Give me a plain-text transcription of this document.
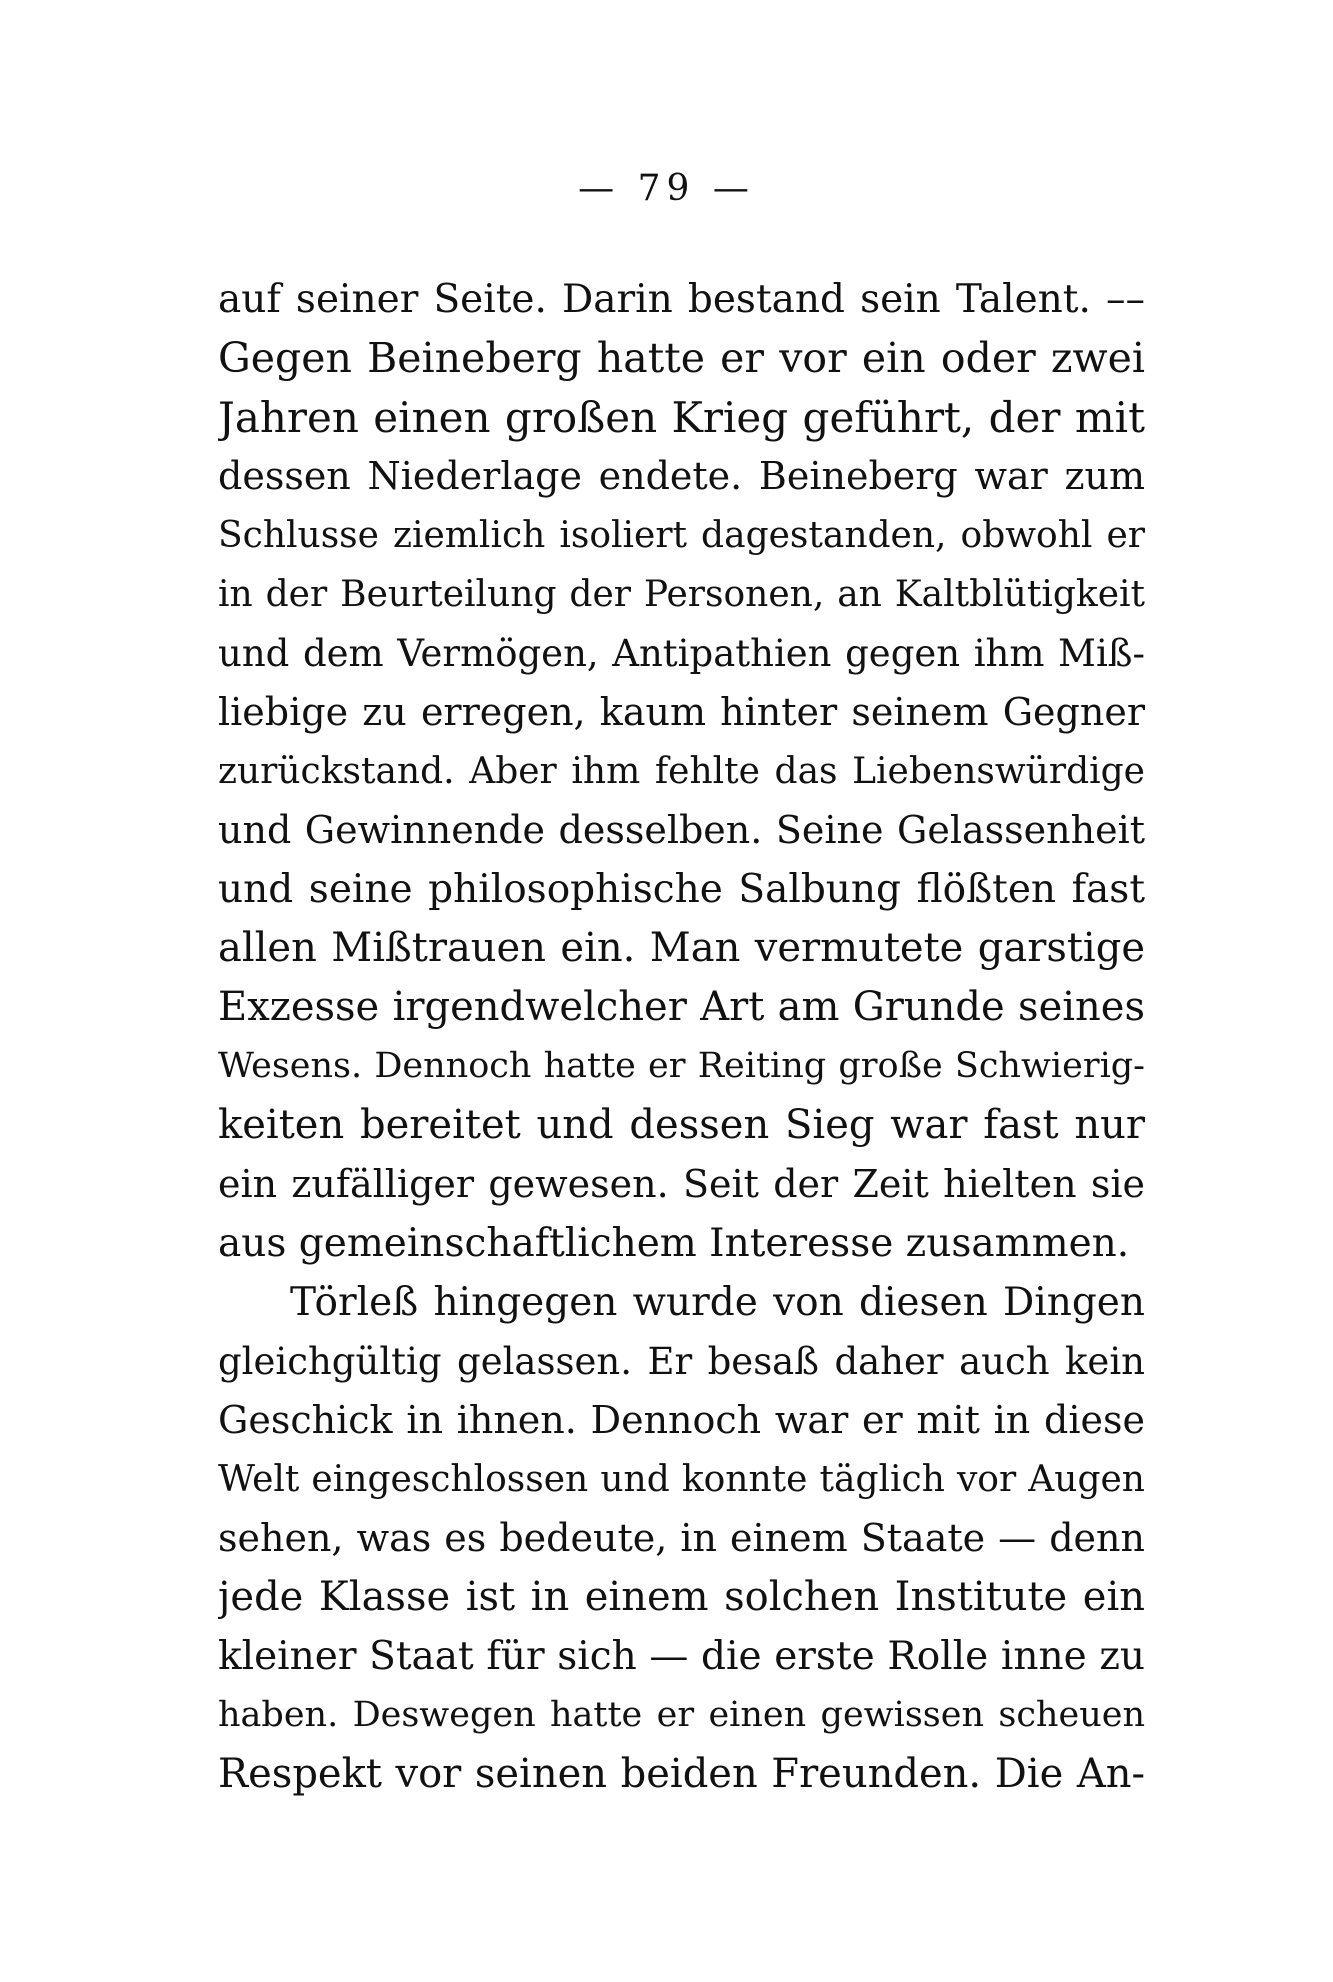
— 79 —
auf seiner Seite. Darin bestand sein Talent. ––
Gegen Beineberg hatte er vor ein oder zwei
Jahren einen großen Krieg geführt, der mit
dessen Niederlage endete. Beineberg war zum
Schlusse ziemlich isoliert dagestanden, obwohl er
in der Beurteilung der Personen, an Kaltblütigkeit
und dem Vermögen, Antipathien gegen ihm Miß-
liebige zu erregen, kaum hinter seinem Gegner
zurückstand. Aber ihm fehlte das Liebenswürdige
und Gewinnende desselben. Seine Gelassenheit
und seine philosophische Salbung flößten fast
allen Mißtrauen ein. Man vermutete garstige
Exzesse irgendwelcher Art am Grunde seines
Wesens. Dennoch hatte er Reiting große Schwierig-
keiten bereitet und dessen Sieg war fast nur
ein zufälliger gewesen. Seit der Zeit hielten sie
aus gemeinschaftlichem Interesse zusammen.
Törleß hingegen wurde von diesen Dingen
gleichgültig gelassen. Er besaß daher auch kein
Geschick in ihnen. Dennoch war er mit in diese
Welt eingeschlossen und konnte täglich vor Augen
sehen, was es bedeute, in einem Staate — denn
jede Klasse ist in einem solchen Institute ein
kleiner Staat für sich — die erste Rolle inne zu
haben. Deswegen hatte er einen gewissen scheuen
Respekt vor seinen beiden Freunden. Die An-
